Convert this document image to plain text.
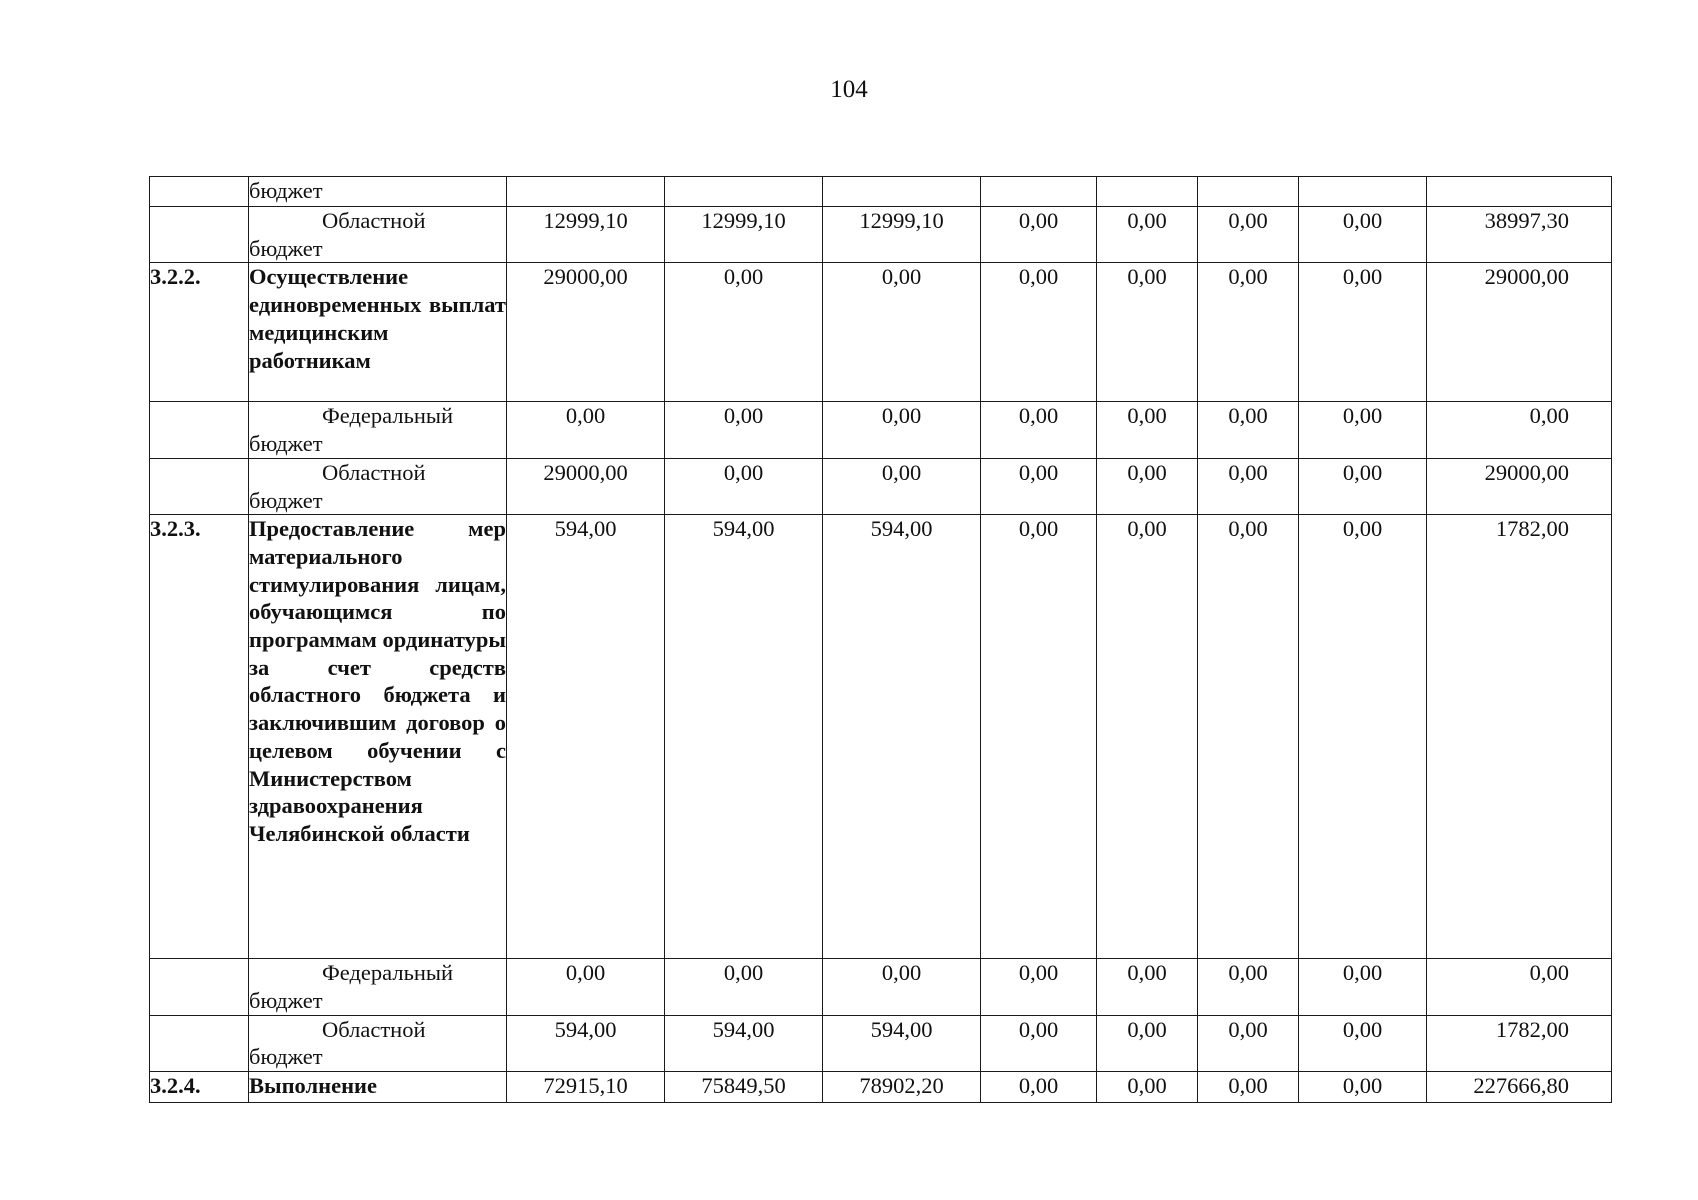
104

	бюджет								

	Областной
бюджет	12999,10	12999,10	12999,10	0,00	0,00	0,00	0,00	38997,30
3.2.2.	Осуществление единовременных выплат медицинским работникам	29000,00	0,00	0,00	0,00	0,00	0,00	0,00	29000,00

	Федеральный
бюджет	0,00	0,00	0,00	0,00	0,00	0,00	0,00	0,00

	Областной
бюджет	29000,00	0,00	0,00	0,00	0,00	0,00	0,00	29000,00
3.2.3.	Предоставление мер материального стимулирования лицам, обучающимся по программам ординатуры за счет средств областного бюджета и заключившим договор о целевом обучении с Министерством здравоохранения Челябинской области	594,00	594,00	594,00	0,00	0,00	0,00	0,00	1782,00

	Федеральный
бюджет	0,00	0,00	0,00	0,00	0,00	0,00	0,00	0,00

	Областной
бюджет	594,00	594,00	594,00	0,00	0,00	0,00	0,00	1782,00
3.2.4.	Выполнение	72915,10	75849,50	78902,20	0,00	0,00	0,00	0,00	227666,80
